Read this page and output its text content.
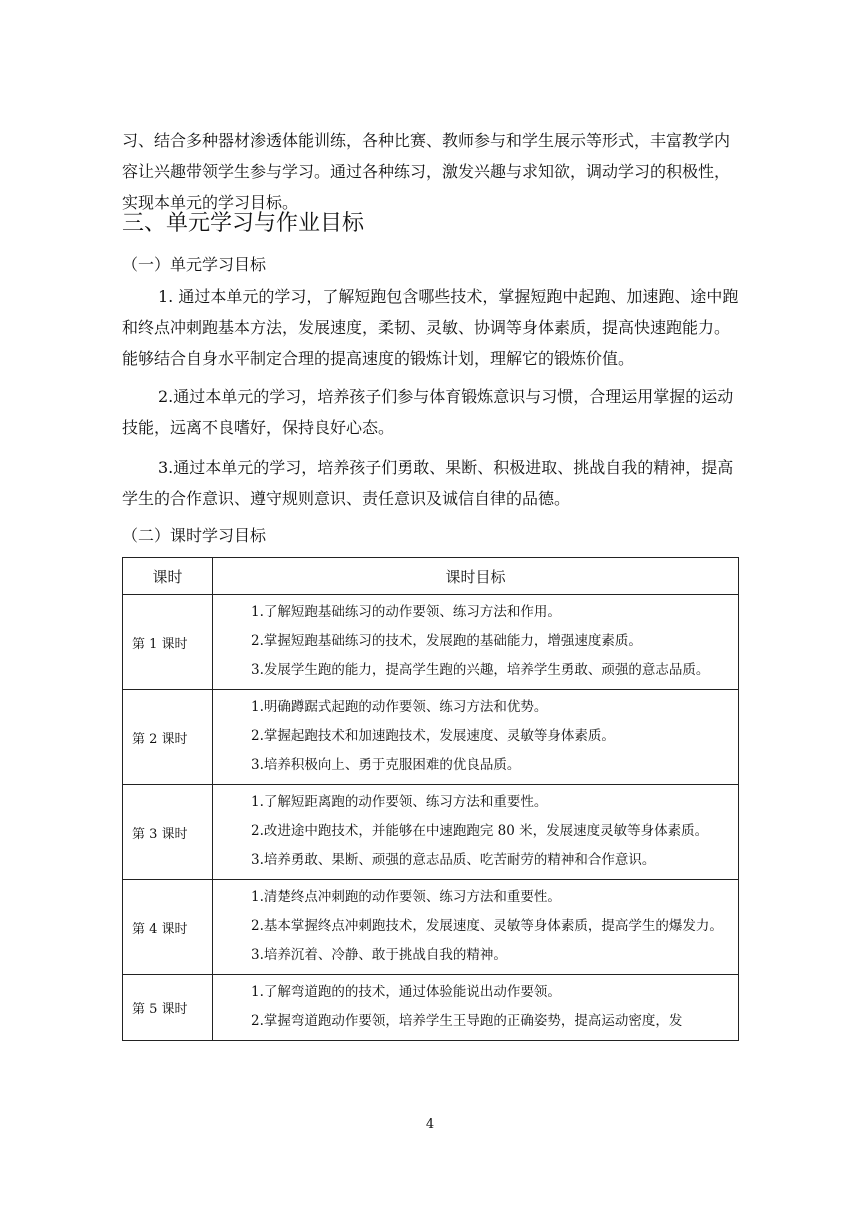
习、结合多种器材渗透体能训练，各种比赛、教师参与和学生展示等形式，丰富教学内容让兴趣带领学生参与学习。通过各种练习，激发兴趣与求知欲，调动学习的积极性，实现本单元的学习目标。

三、单元学习与作业目标
（一）单元学习目标

1. 通过本单元的学习，了解短跑包含哪些技术，掌握短跑中起跑、加速跑、途中跑和终点冲刺跑基本方法，发展速度，柔韧、灵敏、协调等身体素质，提高快速跑能力。能够结合自身水平制定合理的提高速度的锻炼计划，理解它的锻炼价值。

2.通过本单元的学习，培养孩子们参与体育锻炼意识与习惯，合理运用掌握的运动技能，远离不良嗜好，保持良好心态。

3.通过本单元的学习，培养孩子们勇敢、果断、积极进取、挑战自我的精神，提高学生的合作意识、遵守规则意识、责任意识及诚信自律的品德。

（二）课时学习目标
课时	课时目标
第 1 课时	1.了解短跑基础练习的动作要领、练习方法和作用。

2.掌握短跑基础练习的技术，发展跑的基础能力，增强速度素质。

3.发展学生跑的能力，提高学生跑的兴趣，培养学生勇敢、顽强的意志品质。

第 2 课时	1.明确蹲踞式起跑的动作要领、练习方法和优势。

2.掌握起跑技术和加速跑技术，发展速度、灵敏等身体素质。

3.培养积极向上、勇于克服困难的优良品质。

第 3 课时	1.了解短距离跑的动作要领、练习方法和重要性。

2.改进途中跑技术，并能够在中速跑跑完 80 米，发展速度灵敏等身体素质。

3.培养勇敢、果断、顽强的意志品质、吃苦耐劳的精神和合作意识。

第 4 课时	1.清楚终点冲刺跑的动作要领、练习方法和重要性。

2.基本掌握终点冲刺跑技术，发展速度、灵敏等身体素质，提高学生的爆发力。

3.培养沉着、冷静、敢于挑战自我的精神。

第 5 课时	1.了解弯道跑的的技术，通过体验能说出动作要领。

2.掌握弯道跑动作要领，培养学生王导跑的正确姿势，提高运动密度，发

4
